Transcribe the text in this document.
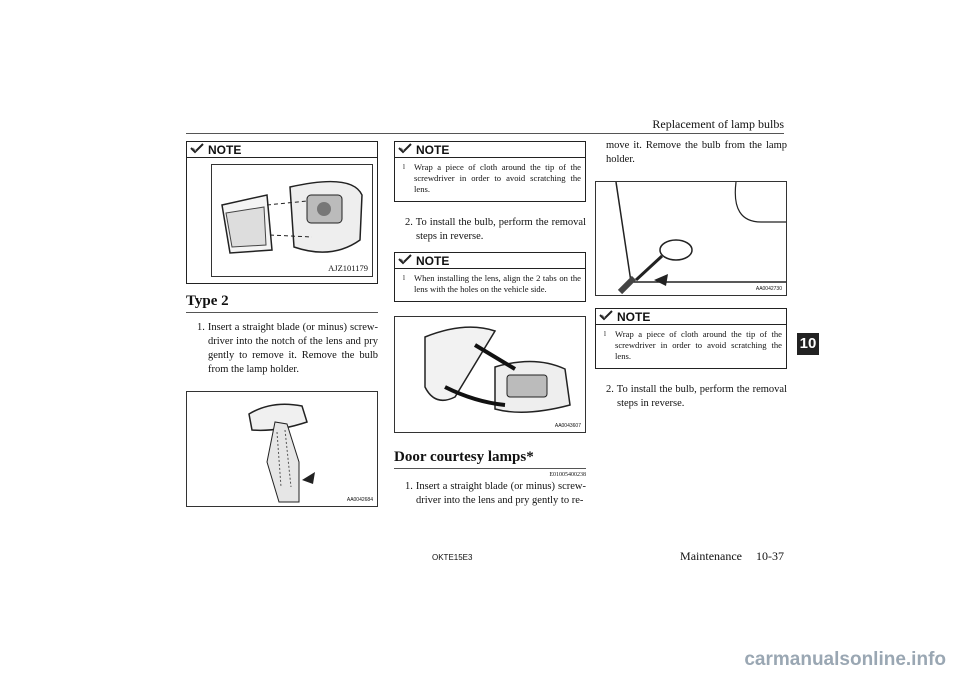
Replacement of lamp bulbs
NOTE
AJZ101179
Type 2
1. Insert a straight blade (or minus) screw-driver into the notch of the lens and pry gently to remove it. Remove the bulb from the lamp holder.
AA0042684
NOTE
l Wrap a piece of cloth around the tip of the screwdriver in order to avoid scratching the lens.
2. To install the bulb, perform the removal steps in reverse.
NOTE
l When installing the lens, align the 2 tabs on the lens with the holes on the vehicle side.
AA0043607
Door courtesy lamps*
E01005400238
1. Insert a straight blade (or minus) screw-driver into the lens and pry gently to re-
move it. Remove the bulb from the lamp holder.
AA0042730
NOTE
l Wrap a piece of cloth around the tip of the screwdriver in order to avoid scratching the lens.
2. To install the bulb, perform the removal steps in reverse.
10
OKTE15E3	Maintenance 10-37
carmanualsonline.info
